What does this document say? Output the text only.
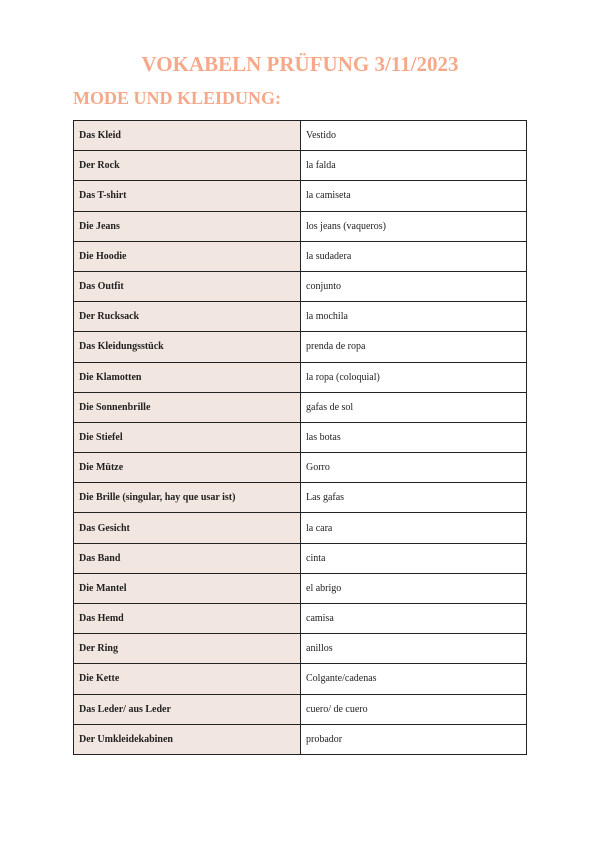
VOKABELN PRÜFUNG 3/11/2023
MODE UND KLEIDUNG:
Das Kleid	Vestido
Der Rock	la falda
Das T-shirt	la camiseta
Die Jeans	los jeans (vaqueros)
Die Hoodie	la sudadera
Das Outfit	conjunto
Der Rucksack	la mochila
Das Kleidungsstück	prenda de ropa
Die Klamotten	la ropa (coloquial)
Die Sonnenbrille	gafas de sol
Die Stiefel	las botas
Die Mütze	Gorro
Die Brille (singular, hay que usar ist)	Las gafas
Das Gesicht	la cara
Das Band	cinta
Die Mantel	el abrigo
Das Hemd	camisa
Der Ring	anillos
Die Kette	Colgante/cadenas
Das Leder/ aus Leder	cuero/ de cuero
Der Umkleidekabinen	probador
